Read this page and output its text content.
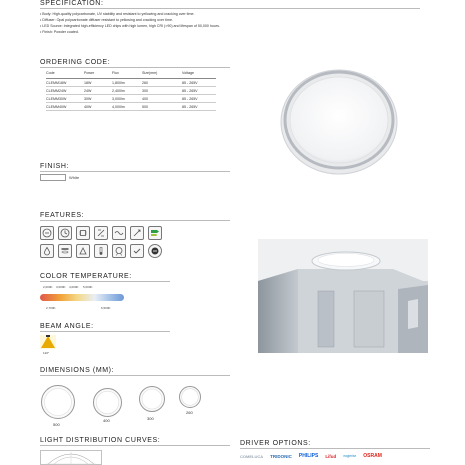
SPECIFICATION:
• Body: High-quality polycarbonate, UV stability and resistant to yellowing and cracking over time.
• Diffuser: Opal polycarbonate diffuser resistant to yellowing and cracking over time.
• LED Source: Integrated high-efficiency LED chips with high lumen, high CRI (>90) and lifespan of 50,000 hours.
• Finish: Powder coated.
ORDERING CODE:
Code	Power	Flux	Size(mm)	Voltage
CLEMM18W	18W	1,800lm	260	85 - 265V
CLEMM24W	24W	2,400lm	300	85 - 265V
CLEMM30W	30W	3,000lm	400	85 - 265V
CLEMM40W	40W	4,000lm	500	85 - 265V
FINISH:
White
FEATURES:
COLOR TEMPERATURE:
2,000K 3,000K 4,000K 5,000K
2,700K	6,500K
BEAM ANGLE:
120°
DIMENSIONS (MM):
500
400	300
260
LIGHT DISTRIBUTION CURVES:	DRIVER OPTIONS:
COMELUCA TRIDONIC PHILIPS Lifud eaglerise OSRAM
